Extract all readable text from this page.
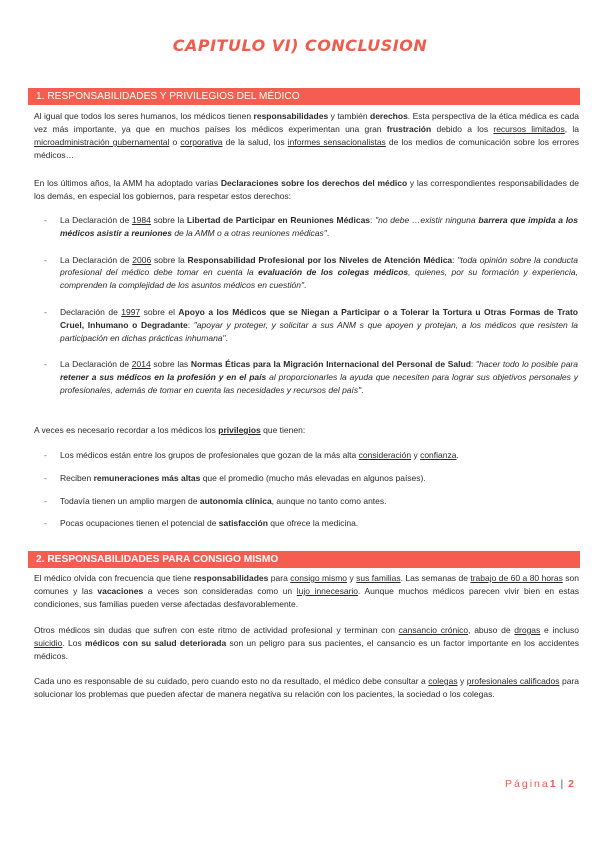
CAPITULO VI) CONCLUSION
1. RESPONSABILIDADES Y PRIVILEGIOS DEL MÉDICO

Al igual que todos los seres humanos, los médicos tienen responsabilidades y también derechos. Esta perspectiva de la ética médica es cada vez más importante, ya que en muchos países los médicos experimentan una gran frustración debido a los recursos limitados, la microadministración gubernamental o corporativa de la salud, los informes sensacionalistas de los medios de comunicación sobre los errores médicos…

En los últimos años, la AMM ha adoptado varias Declaraciones sobre los derechos del médico y las correspondientes responsabilidades de los demás, en especial los gobiernos, para respetar estos derechos:

- La Declaración de 1984 sobre la Libertad de Participar en Reuniones Médicas: "no debe …existir ninguna barrera que impida a los médicos asistir a reuniones de la AMM o a otras reuniones médicas".
- La Declaración de 2006 sobre la Responsabilidad Profesional por los Niveles de Atención Médica: "toda opinión sobre la conducta profesional del médico debe tomar en cuenta la evaluación de los colegas médicos, quienes, por su formación y experiencia, comprenden la complejidad de los asuntos médicos en cuestión".
- Declaración de 1997 sobre el Apoyo a los Médicos que se Niegan a Participar o a Tolerar la Tortura u Otras Formas de Trato Cruel, Inhumano o Degradante: "apoyar y proteger, y solicitar a sus ANM s que apoyen y protejan, a los médicos que resisten la participación en dichas prácticas inhumana".
- La Declaración de 2014 sobre las Normas Éticas para la Migración Internacional del Personal de Salud: "hacer todo lo posible para retener a sus médicos en la profesión y en el país al proporcionarles la ayuda que necesiten para lograr sus objetivos personales y profesionales, además de tomar en cuenta las necesidades y recursos del país".

A veces es necesario recordar a los médicos los privilegios que tienen:

- Los médicos están entre los grupos de profesionales que gozan de la más alta consideración y confianza.
- Reciben remuneraciones más altas que el promedio (mucho más elevadas en algunos países).
- Todavía tienen un amplio margen de autonomía clínica, aunque no tanto como antes.
- Pocas ocupaciones tienen el potencial de satisfacción que ofrece la medicina.
2. RESPONSABILIDADES PARA CONSIGO MISMO

El médico olvida con frecuencia que tiene responsabilidades para consigo mismo y sus familias. Las semanas de trabajo de 60 a 80 horas son comunes y las vacaciones a veces son consideradas como un lujo innecesario. Aunque muchos médicos parecen vivir bien en estas condiciones, sus familias pueden verse afectadas desfavorablemente.

Otros médicos sin dudas que sufren con este ritmo de actividad profesional y terminan con cansancio crónico, abuso de drogas e incluso suicidio. Los médicos con su salud deteriorada son un peligro para sus pacientes, el cansancio es un factor importante en los accidentes médicos.

Cada uno es responsable de su cuidado, pero cuando esto no da resultado, el médico debe consultar a colegas y profesionales calificados para solucionar los problemas que pueden afectar de manera negativa su relación con los pacientes, la sociedad o los colegas.

Página1 | 2
